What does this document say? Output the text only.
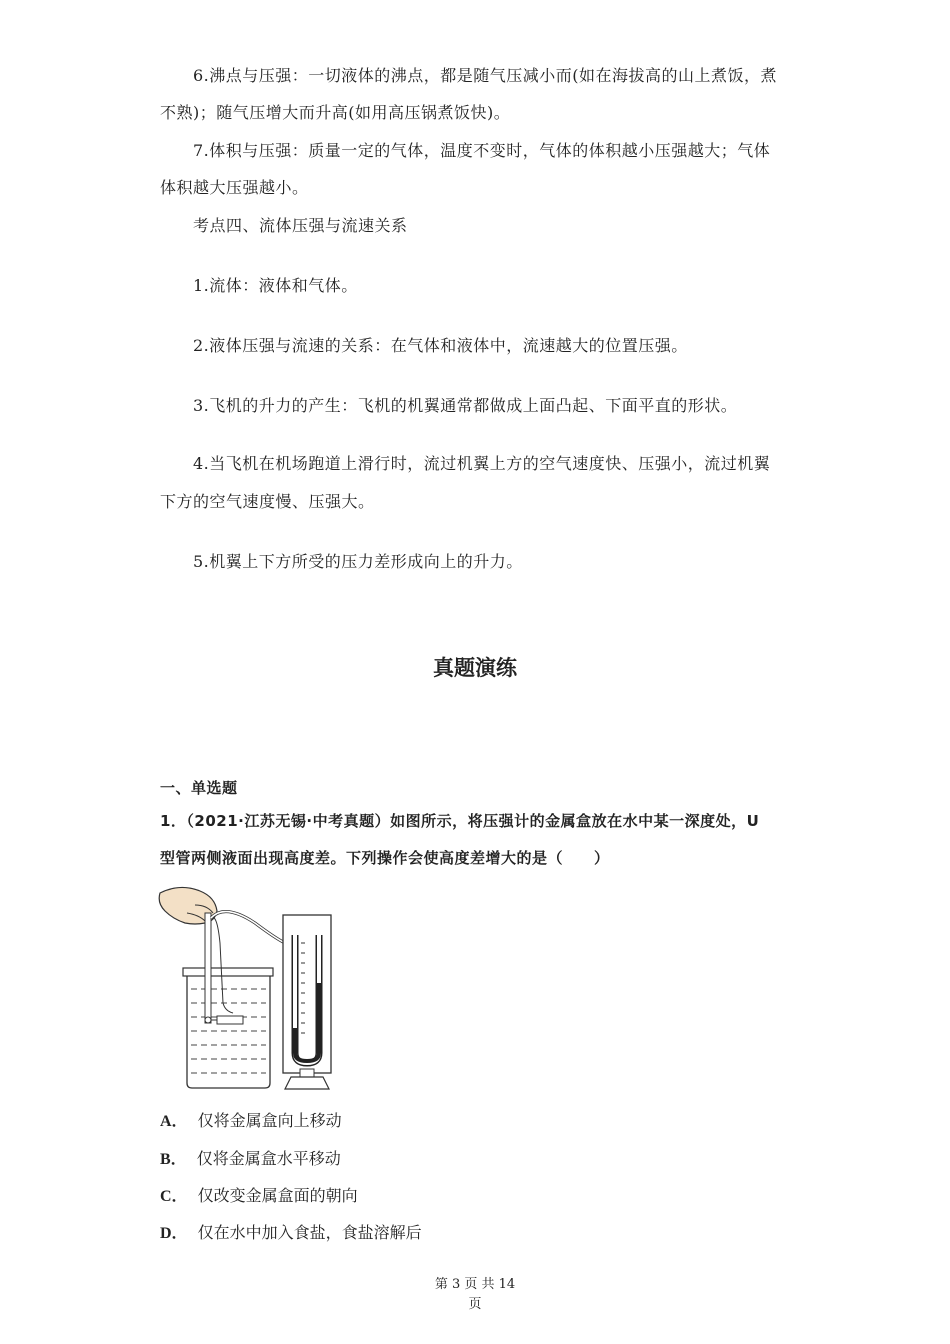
6.沸点与压强：一切液体的沸点，都是随气压减小而(如在海拔高的山上煮饭，煮
不熟)；随气压增大而升高(如用高压锅煮饭快)。
7.体积与压强：质量一定的气体，温度不变时，气体的体积越小压强越大；气体
体积越大压强越小。
考点四、流体压强与流速关系
1.流体：液体和气体。
2.液体压强与流速的关系：在气体和液体中，流速越大的位置压强。
3.飞机的升力的产生：飞机的机翼通常都做成上面凸起、下面平直的形状。
4.当飞机在机场跑道上滑行时，流过机翼上方的空气速度快、压强小，流过机翼
下方的空气速度慢、压强大。
5.机翼上下方所受的压力差形成向上的升力。
真题演练
一、单选题
1．（2021·江苏无锡·中考真题）如图所示，将压强计的金属盒放在水中某一深度处，U
型管两侧液面出现高度差。下列操作会使高度差增大的是（　　）
A． 仅将金属盒向上移动
B． 仅将金属盒水平移动
C． 仅改变金属盒面的朝向
D． 仅在水中加入食盐，食盐溶解后
第 3 页 共 14
页
